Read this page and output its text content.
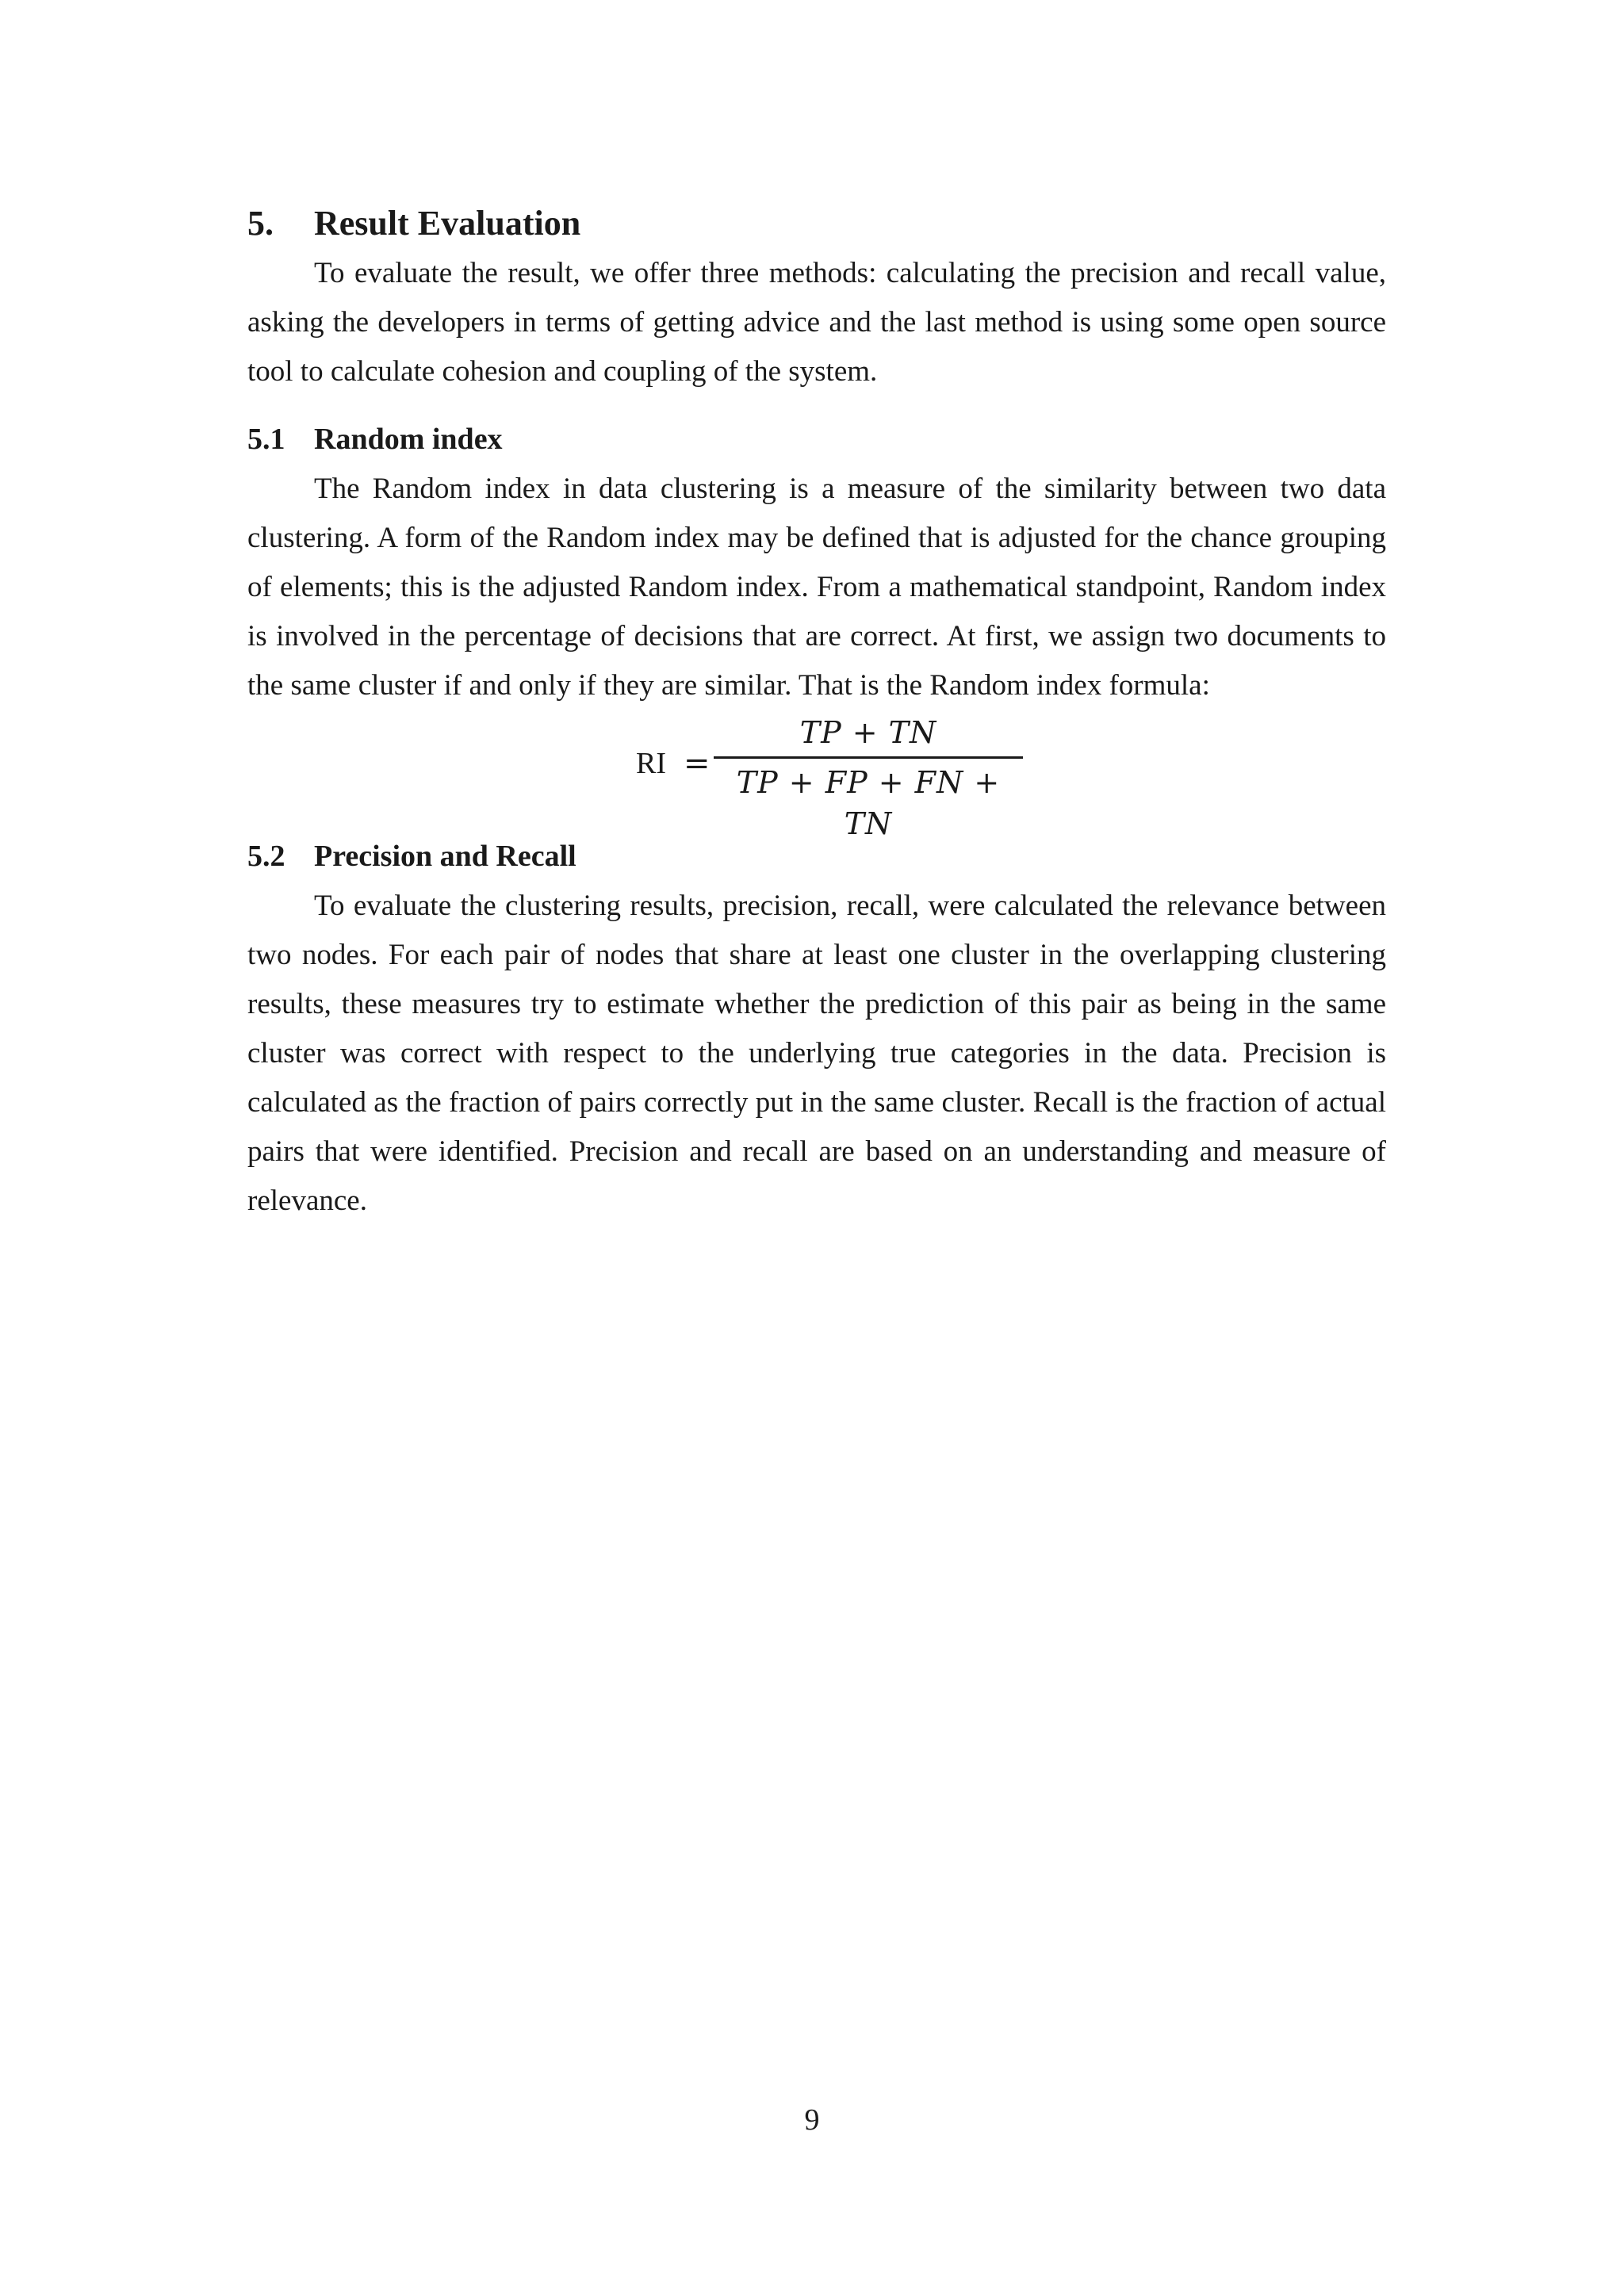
5.	Result Evaluation

To evaluate the result, we offer three methods: calculating the precision and recall value, asking the developers in terms of getting advice and the last method is using some open source tool to calculate cohesion and coupling of the system.

5.1 Random index

The Random index in data clustering is a measure of the similarity between two data clustering. A form of the Random index may be defined that is adjusted for the chance grouping of elements; this is the adjusted Random index. From a mathematical standpoint, Random index is involved in the percentage of decisions that are correct. At first, we assign two documents to the same cluster if and only if they are similar. That is the Random index formula:

RI =
TP + TN
TP + FP + FN + TN
5.2 Precision and Recall

To evaluate the clustering results, precision, recall, were calculated the relevance between two nodes. For each pair of nodes that share at least one cluster in the overlapping clustering results, these measures try to estimate whether the prediction of this pair as being in the same cluster was correct with respect to the underlying true categories in the data. Precision is calculated as the fraction of pairs correctly put in the same cluster. Recall is the fraction of actual pairs that were identified. Precision and recall are based on an understanding and measure of relevance.

9
